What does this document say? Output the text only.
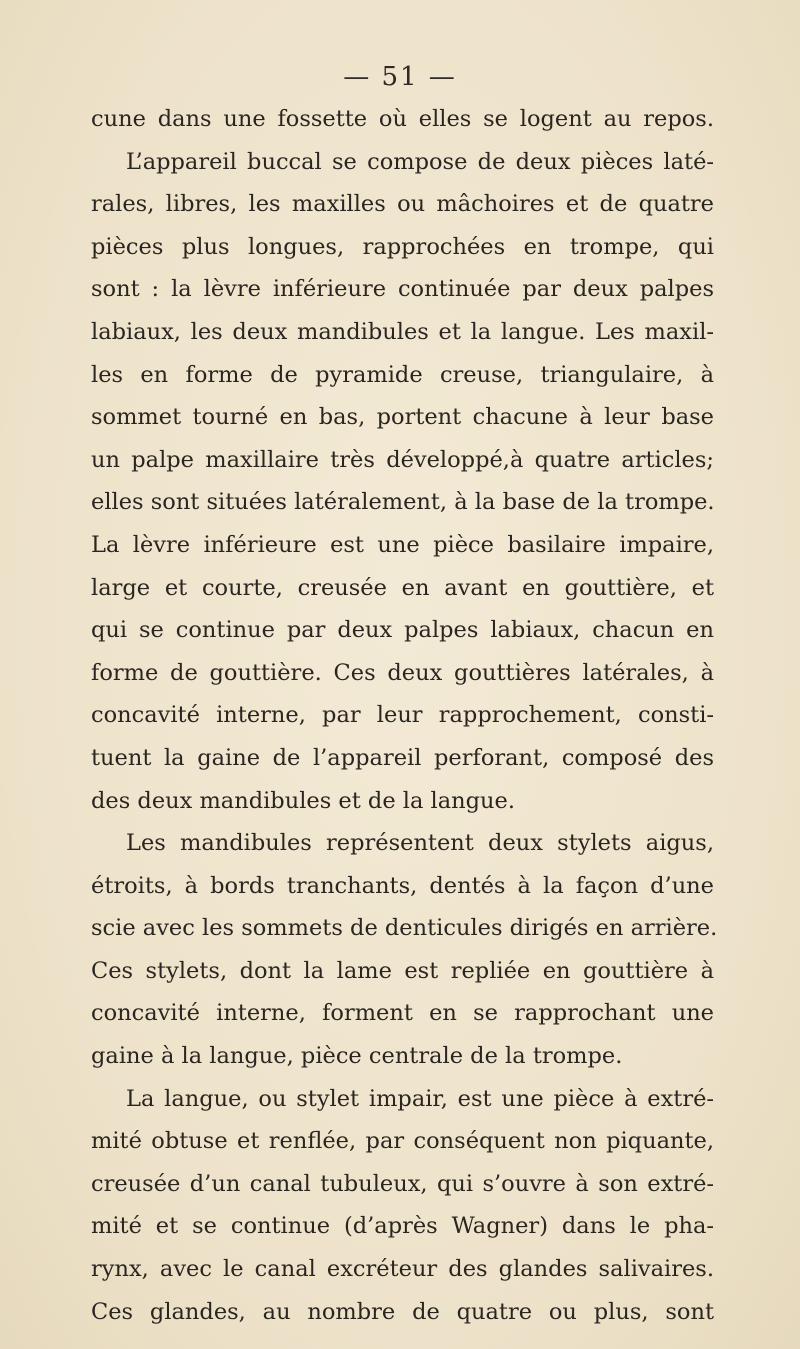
— 51 —
cune dans une fossette où elles se logent au repos.
L’appareil buccal se compose de deux pièces laté-
rales, libres, les maxilles ou mâchoires et de quatre
pièces plus longues, rapprochées en trompe, qui
sont : la lèvre inférieure continuée par deux palpes
labiaux, les deux mandibules et la langue. Les maxil-
les en forme de pyramide creuse, triangulaire, à
sommet tourné en bas, portent chacune à leur base
un palpe maxillaire très développé,à quatre articles;
elles sont situées latéralement, à la base de la trompe.
La lèvre inférieure est une pièce basilaire impaire,
large et courte, creusée en avant en gouttière, et
qui se continue par deux palpes labiaux, chacun en
forme de gouttière. Ces deux gouttières latérales, à
concavité interne, par leur rapprochement, consti-
tuent la gaine de l’appareil perforant, composé des
des deux mandibules et de la langue.
Les mandibules représentent deux stylets aigus,
étroits, à bords tranchants, dentés à la façon d’une
scie avec les sommets de denticules dirigés en arrière.
Ces stylets, dont la lame est repliée en gouttière à
concavité interne, forment en se rapprochant une
gaine à la langue, pièce centrale de la trompe.
La langue, ou stylet impair, est une pièce à extré-
mité obtuse et renflée, par conséquent non piquante,
creusée d’un canal tubuleux, qui s’ouvre à son extré-
mité et se continue (d’après Wagner) dans le pha-
rynx, avec le canal excréteur des glandes salivaires.
Ces glandes, au nombre de quatre ou plus, sont
